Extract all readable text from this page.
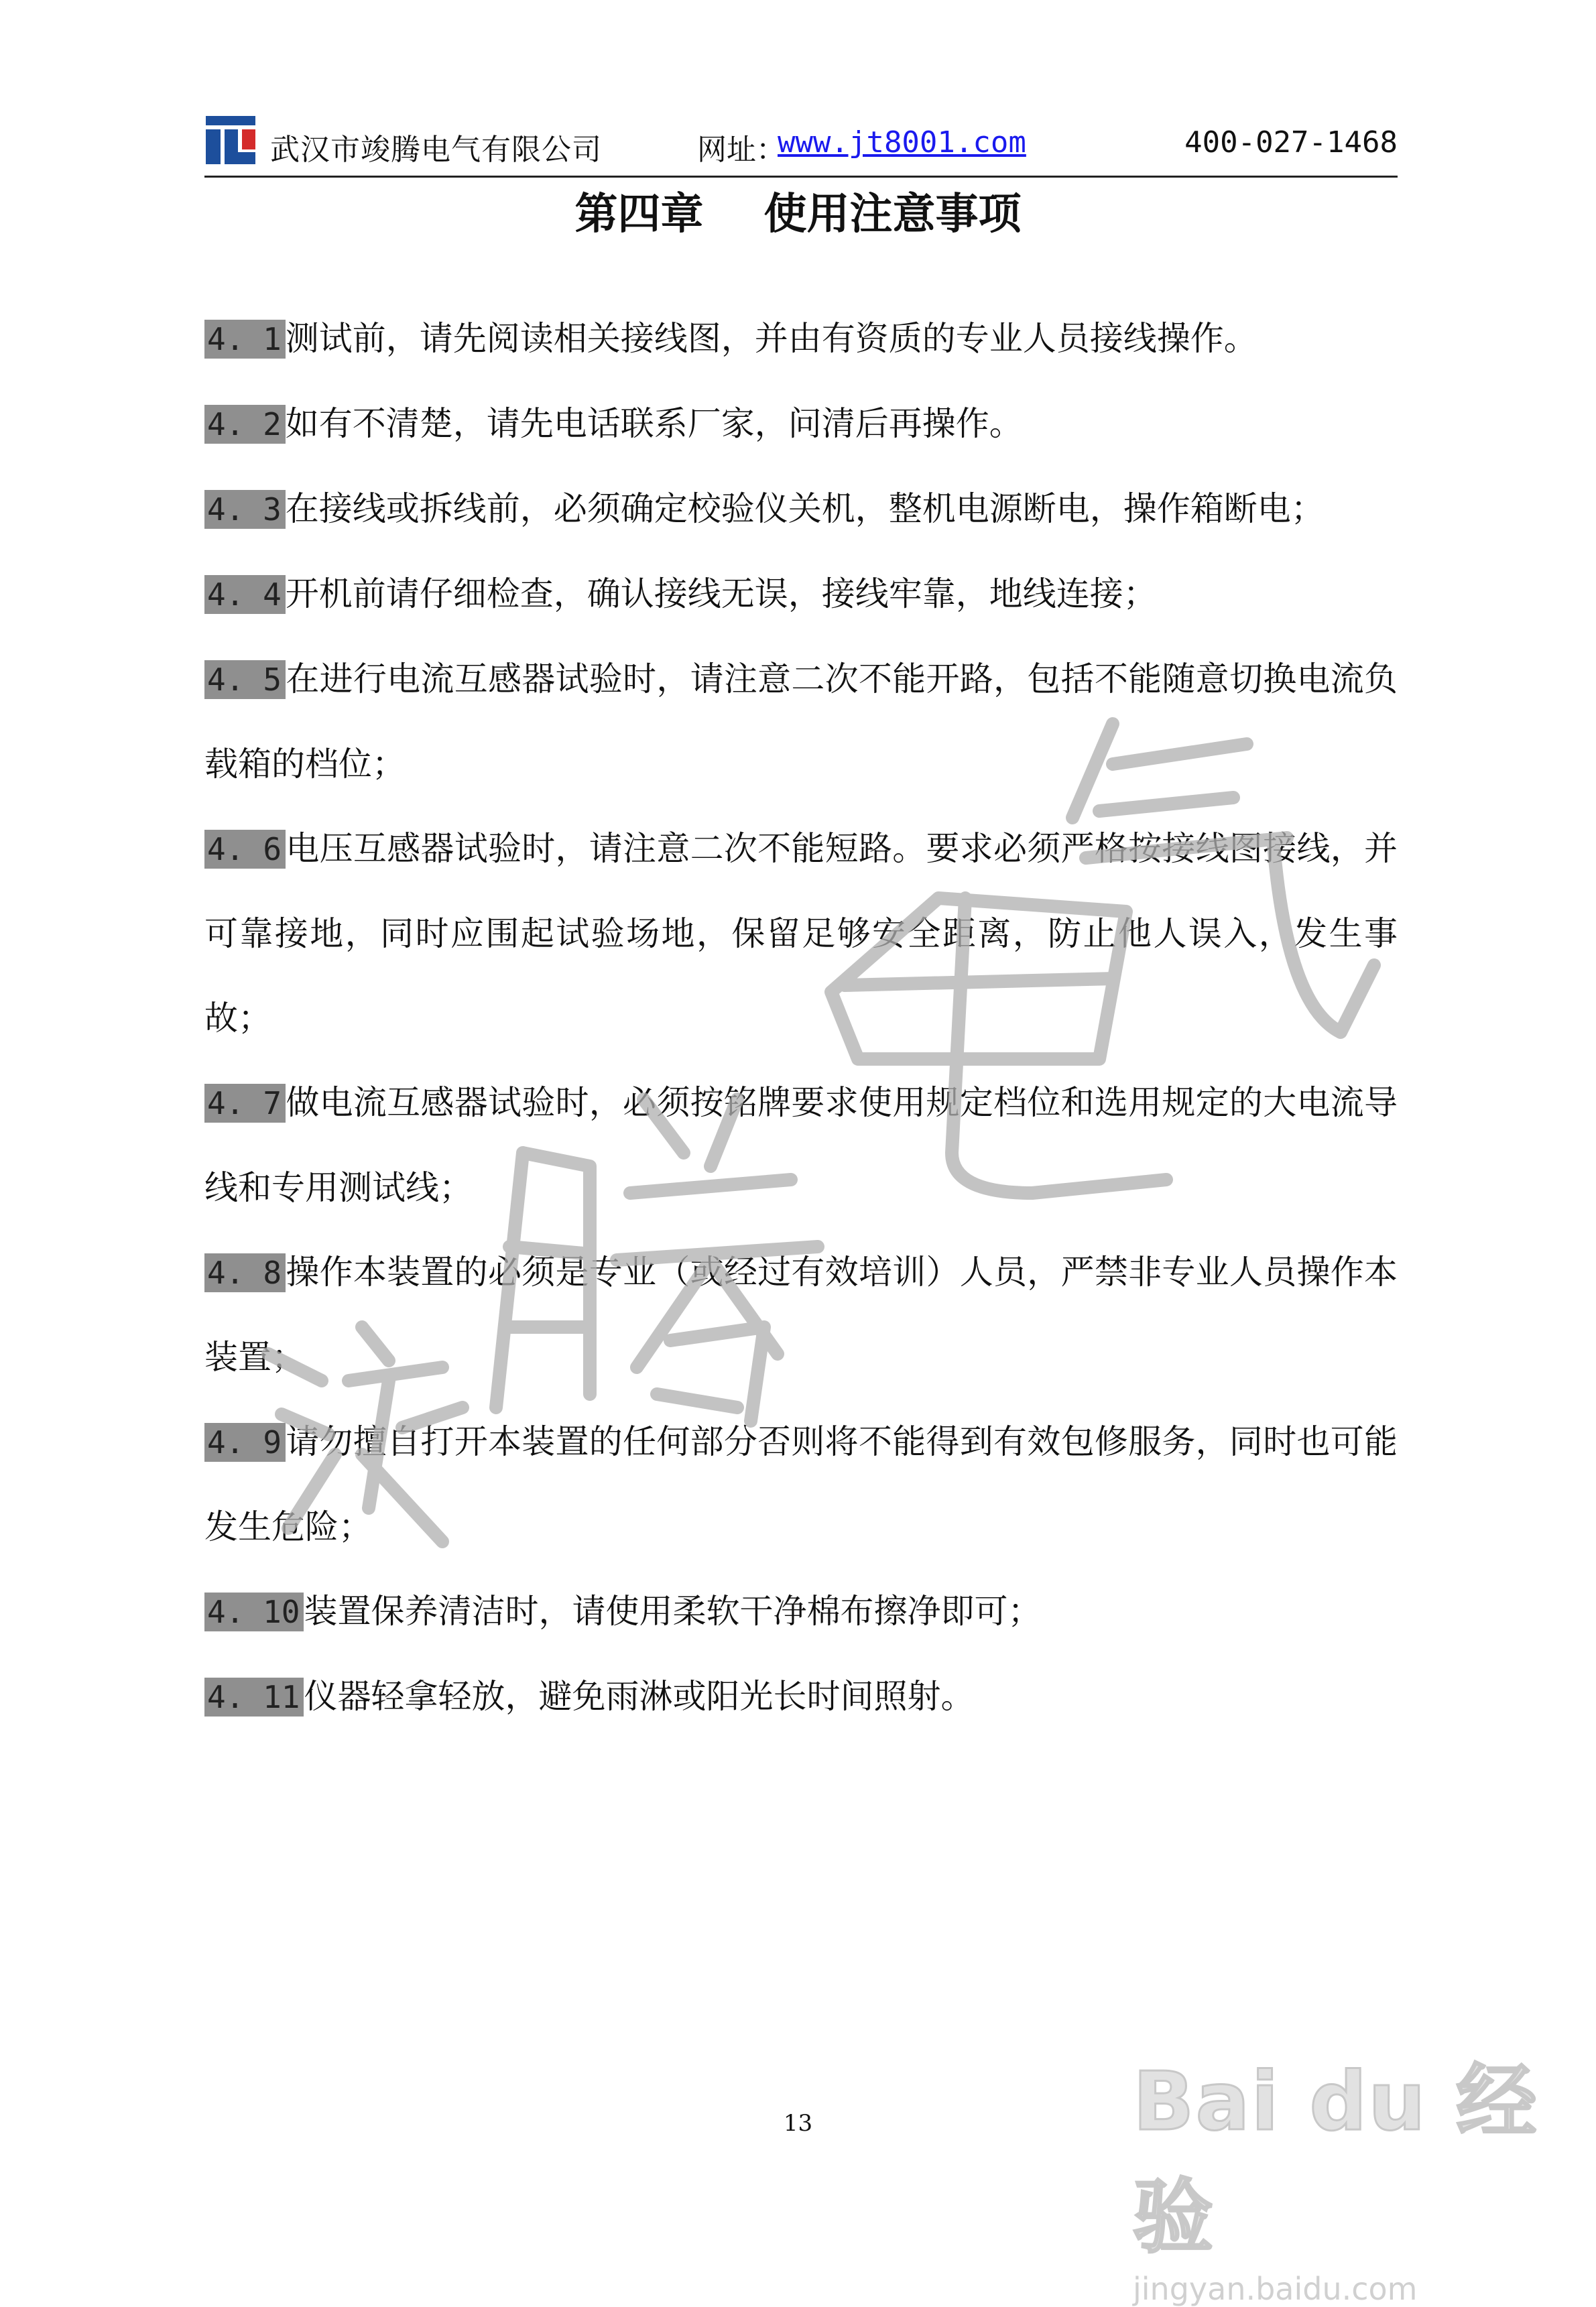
武汉市竣腾电气有限公司	网址：
www.jt8001.com	400-027-1468
第四章 使用注意事项
4. 1 测试前，请先阅读相关接线图，并由有资质的专业人员接线操作。
4. 2 如有不清楚，请先电话联系厂家，问清后再操作。
4. 3 在接线或拆线前，必须确定校验仪关机，整机电源断电，操作箱断电；
4. 4 开机前请仔细检查，确认接线无误，接线牢靠，地线连接；
4. 5 在进行电流互感器试验时，请注意二次不能开路，包括不能随意切换电流负载箱的档位；
4. 6 电压互感器试验时，请注意二次不能短路。要求必须严格按接线图接线，并可靠接地，同时应围起试验场地，保留足够安全距离，防止他人误入，发生事故；
4. 7 做电流互感器试验时，必须按铭牌要求使用规定档位和选用规定的大电流导线和专用测试线；
4. 8 操作本装置的必须是专业（或经过有效培训）人员，严禁非专业人员操作本装置；
4. 9 请勿擅自打开本装置的任何部分否则将不能得到有效包修服务，同时也可能发生危险；
4. 10 装置保养清洁时，请使用柔软干净棉布擦净即可；
4. 11 仪器轻拿轻放，避免雨淋或阳光长时间照射。
13	Bai du 经验
jingyan.baidu.com
